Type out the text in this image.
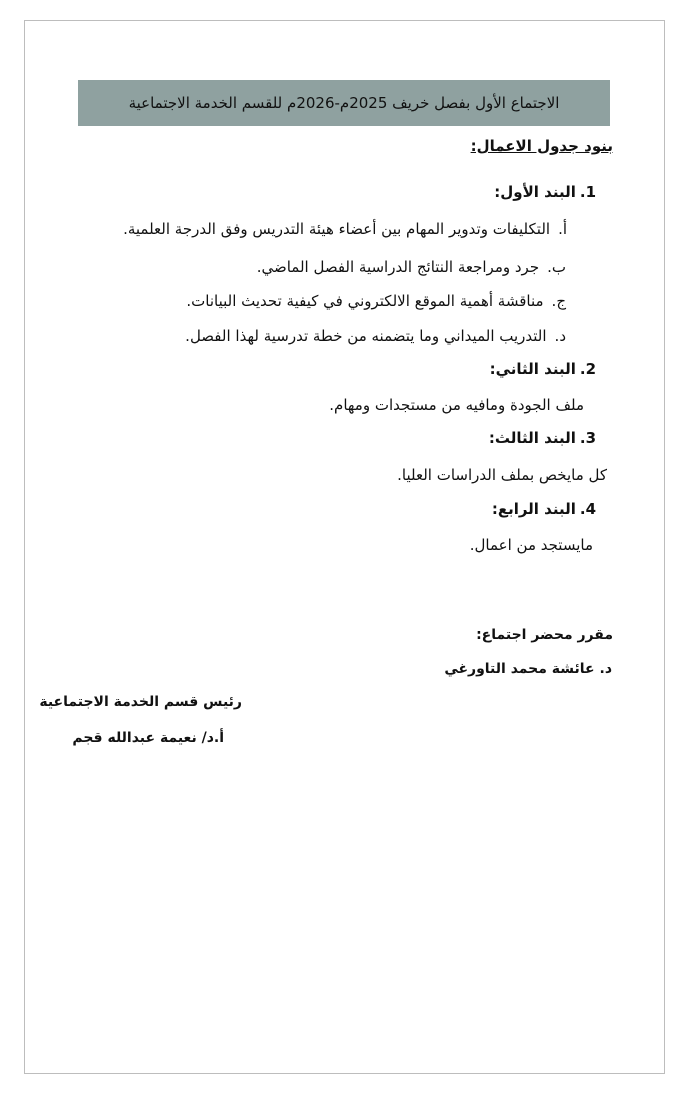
الاجتماع الأول بفصل خريف 2025م-2026م للقسم الخدمة الاجتماعية
بنود جدول الاعمال:
1.البند الأول:
أ.التكليفات وتدوير المهام بين أعضاء هيئة التدريس وفق الدرجة العلمية.
ب.جرد ومراجعة النتائج الدراسية الفصل الماضي.
ج.مناقشة أهمية الموقع الالكتروني في كيفية تحديث البيانات.
د.التدريب الميداني وما يتضمنه من خطة تدرسية لهذا الفصل.
2.البند الثاني:
ملف الجودة ومافيه من مستجدات ومهام.
3.البند الثالث:
كل مايخص بملف الدراسات العليا.
4.البند الرابع:
مايستجد من اعمال.
مقرر محضر اجتماع:
د. عائشة محمد التاورغي
رئيس قسم الخدمة الاجتماعية
أ.د/ نعيمة عبدالله قجم
